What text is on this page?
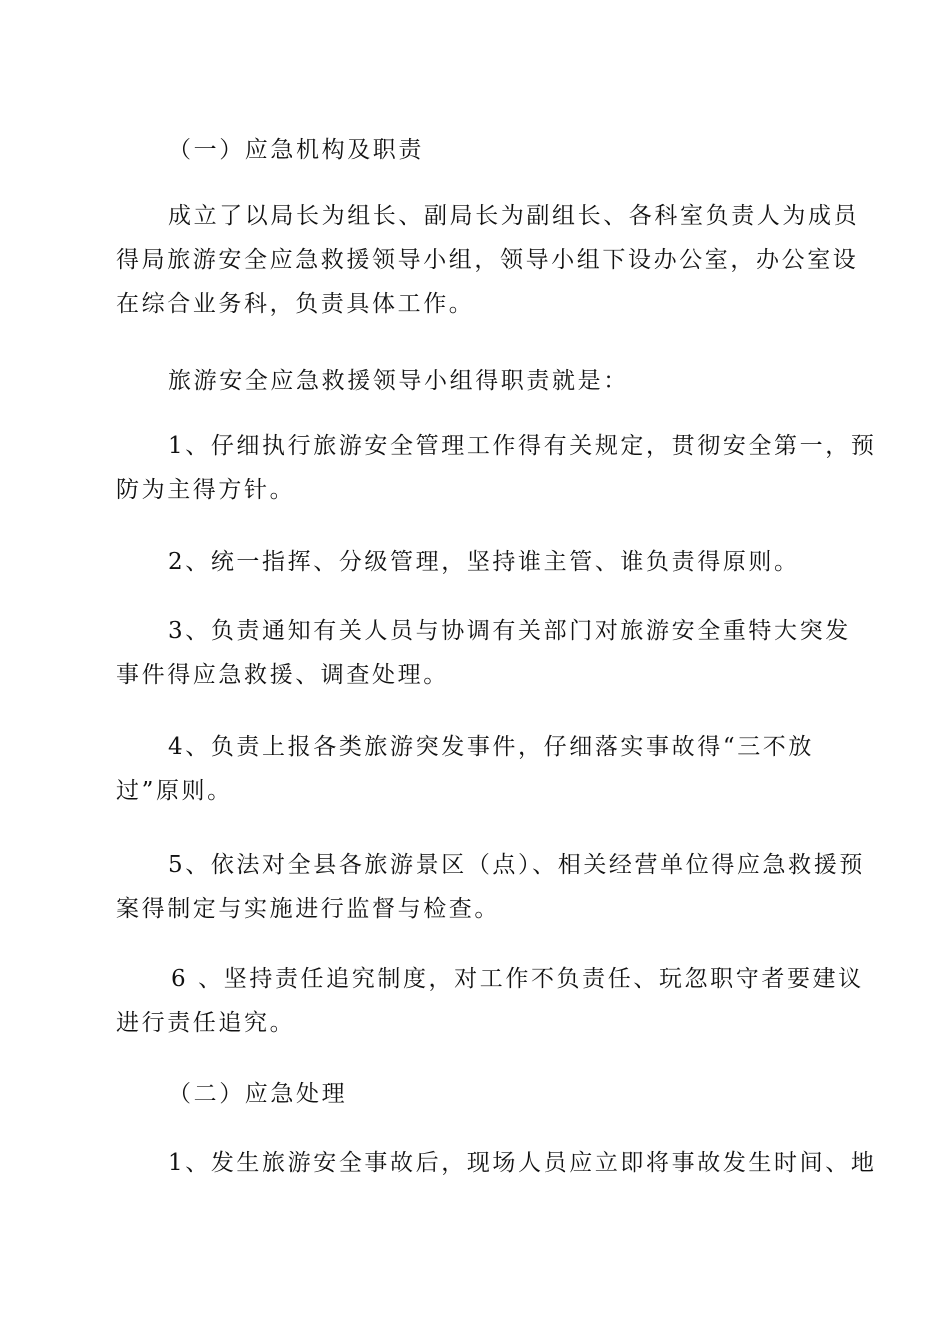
（一）应急机构及职责

成立了以局长为组长、副局长为副组长、各科室负责人为成员
得局旅游安全应急救援领导小组，领导小组下设办公室，办公室设
在综合业务科，负责具体工作。

旅游安全应急救援领导小组得职责就是：

1、仔细执行旅游安全管理工作得有关规定，贯彻安全第一，预
防为主得方针。

2、统一指挥、分级管理，坚持谁主管、谁负责得原则。

3、负责通知有关人员与协调有关部门对旅游安全重特大突发
事件得应急救援、调查处理。

4、负责上报各类旅游突发事件，仔细落实事故得“三不放
过”原则。

5、依法对全县各旅游景区（点）、相关经营单位得应急救援预
案得制定与实施进行监督与检查。

6 、坚持责任追究制度，对工作不负责任、玩忽职守者要建议
进行责任追究。

（二）应急处理

1、发生旅游安全事故后，现场人员应立即将事故发生时间、地
